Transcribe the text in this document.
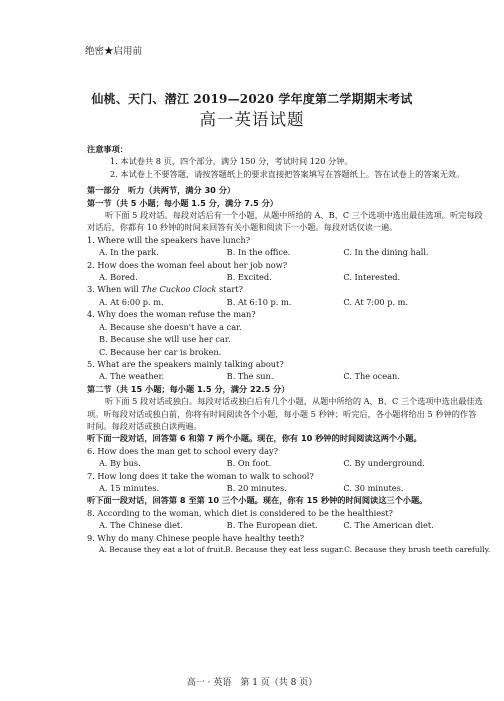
绝密★启用前
仙桃、天门、潜江 2019—2020 学年度第二学期期末考试
高一英语试题

注意事项：

1. 本试卷共 8 页，四个部分，满分 150 分，考试时间 120 分钟。

2. 本试卷上不要答题，请按答题纸上的要求直接把答案填写在答题纸上。答在试卷上的答案无效。

第一部分　听力（共两节，满分 30 分）

第一节（共 5 小题；每小题 1.5 分，满分 7.5 分）

听下面 5 段对话。每段对话后有一个小题，从题中所给的 A、B、C 三个选项中选出最佳选项。听完每段对话后，你都有 10 秒钟的时间来回答有关小题和阅读下一小题。每段对话仅读一遍。

1. Where will the speakers have lunch?

A. In the park.	B. In the office.	C. In the dining hall.

2. How does the woman feel about her job now?

A. Bored.	B. Excited.	C. Interested.

3. When will The Cuckoo Clock start?

A. At 6:00 p. m.	B. At 6:10 p. m.	C. At 7:00 p. m.

4. Why does the woman refuse the man?

A. Because she doesn't have a car.

B. Because she will use her car.

C. Because her car is broken.

5. What are the speakers mainly talking about?

A. The weather.	B. The sun.	C. The ocean.

第二节（共 15 小题；每小题 1.5 分，满分 22.5 分）

听下面 5 段对话或独白。每段对话或独白后有几个小题，从题中所给的 A、B、C 三个选项中选出最佳选项。听每段对话或独白前，你将有时间阅读各个小题，每小题 5 秒钟；听完后，各小题将给出 5 秒钟的作答时间。每段对话或独白读两遍。

听下面一段对话，回答第 6 和第 7 两个小题。现在，你有 10 秒钟的时间阅读这两个小题。

6. How does the man get to school every day?

A. By bus.	B. On foot.	C. By underground.

7. How long does it take the woman to walk to school?

A. 15 minutes.	B. 20 minutes.	C. 30 minutes.

听下面一段对话，回答第 8 至第 10 三个小题。现在，你有 15 秒钟的时间阅读这三个小题。

8. According to the woman, which diet is considered to be the healthiest?

A. The Chinese diet.	B. The European diet.	C. The American diet.

9. Why do many Chinese people have healthy teeth?

A. Because they eat a lot of fruit. B. Because they eat less sugar. C. Because they brush teeth carefully.
高一 · 英语　第 1 页（共 8 页）
